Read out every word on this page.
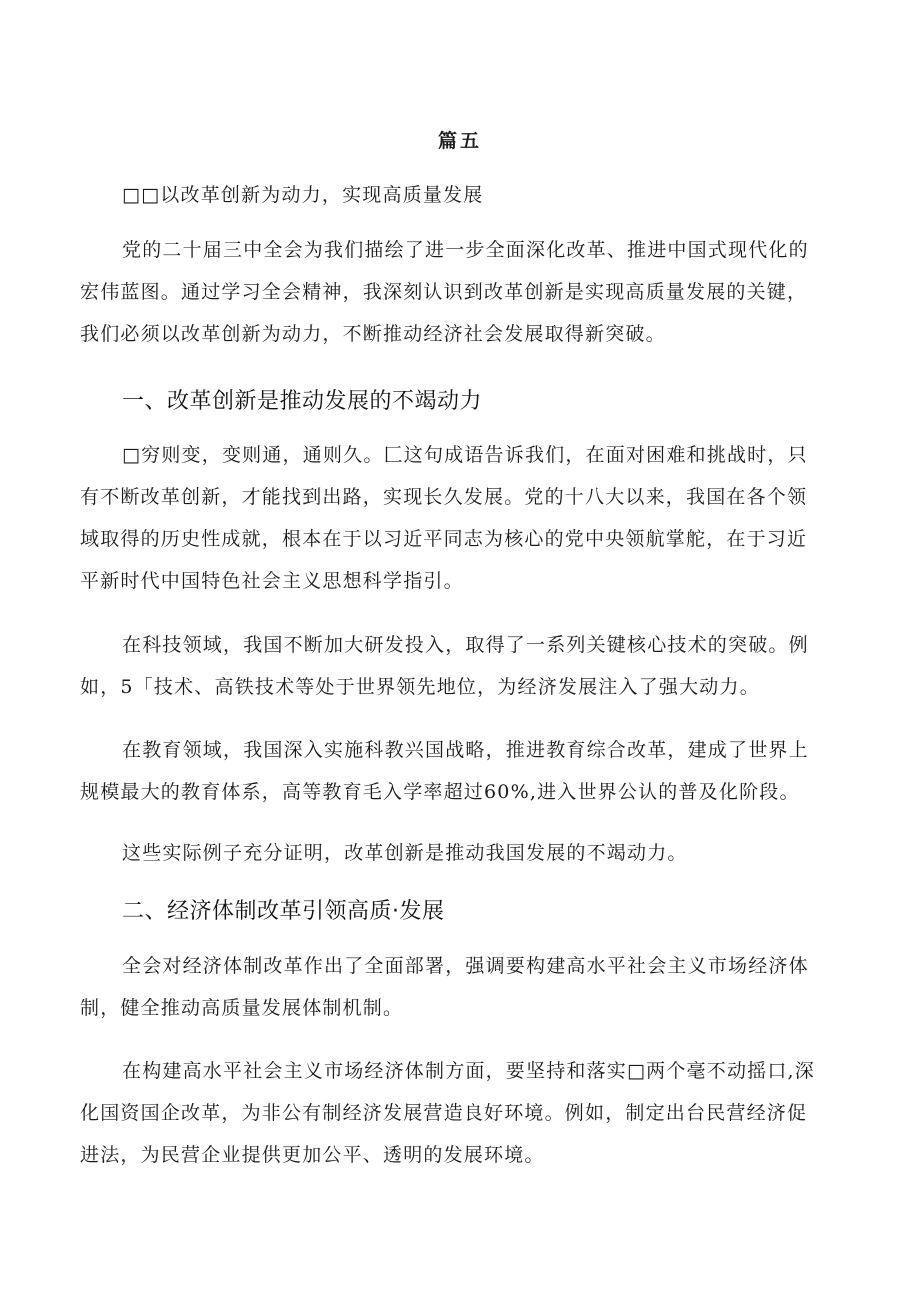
篇五
□□以改革创新为动力，实现高质量发展
党的二十届三中全会为我们描绘了进一步全面深化改革、推进中国式现代化的
宏伟蓝图。通过学习全会精神，我深刻认识到改革创新是实现高质量发展的关键，
我们必须以改革创新为动力，不断推动经济社会发展取得新突破。
一、改革创新是推动发展的不竭动力
□穷则变，变则通，通则久。匚这句成语告诉我们，在面对困难和挑战时，只
有不断改革创新，才能找到出路，实现长久发展。党的十八大以来，我国在各个领
域取得的历史性成就，根本在于以习近平同志为核心的党中央领航掌舵，在于习近
平新时代中国特色社会主义思想科学指引。
在科技领域，我国不断加大研发投入，取得了一系列关键核心技术的突破。例
如，5「技术、高铁技术等处于世界领先地位，为经济发展注入了强大动力。
在教育领域，我国深入实施科教兴国战略，推进教育综合改革，建成了世界上
规模最大的教育体系，高等教育毛入学率超过60%,进入世界公认的普及化阶段。
这些实际例子充分证明，改革创新是推动我国发展的不竭动力。
二、经济体制改革引领高质·发展
全会对经济体制改革作出了全面部署，强调要构建高水平社会主义市场经济体
制，健全推动高质量发展体制机制。
在构建高水平社会主义市场经济体制方面，要坚持和落实□两个毫不动摇口,深
化国资国企改革，为非公有制经济发展营造良好环境。例如，制定出台民营经济促
进法，为民营企业提供更加公平、透明的发展环境。
